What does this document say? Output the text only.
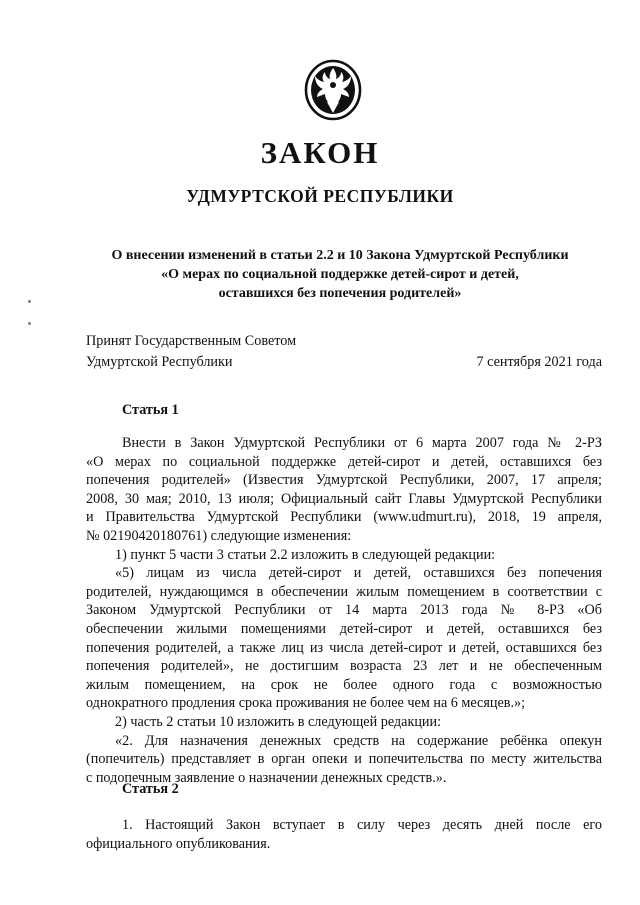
ЗАКОН
УДМУРТСКОЙ РЕСПУБЛИКИ
О внесении изменений в статьи 2.2 и 10 Закона Удмуртской Республики
«О мерах по социальной поддержке детей-сирот и детей,
оставшихся без попечения родителей»
Принят Государственным Советом
Удмуртской Республики	7 сентября 2021 года
Статья 1
Внести в Закон Удмуртской Республики от 6 марта 2007 года № 2-РЗ
«О мерах по социальной поддержке детей-сирот и детей, оставшихся без
попечения родителей» (Известия Удмуртской Республики, 2007, 17 апреля;
2008, 30 мая; 2010, 13 июля; Официальный сайт Главы Удмуртской Республики
и Правительства Удмуртской Республики (www.udmurt.ru), 2018, 19 апреля,
№ 02190420180761) следующие изменения:
1) пункт 5 части 3 статьи 2.2 изложить в следующей редакции:
«5) лицам из числа детей-сирот и детей, оставшихся без попечения
родителей, нуждающимся в обеспечении жилым помещением в соответствии с
Законом Удмуртской Республики от 14 марта 2013 года № 8-РЗ «Об
обеспечении жилыми помещениями детей-сирот и детей, оставшихся без
попечения родителей, а также лиц из числа детей-сирот и детей, оставшихся без
попечения родителей», не достигшим возраста 23 лет и не обеспеченным
жилым помещением, на срок не более одного года с возможностью
однократного продления срока проживания не более чем на 6 месяцев.»;
2) часть 2 статьи 10 изложить в следующей редакции:
«2. Для назначения денежных средств на содержание ребёнка опекун
(попечитель) представляет в орган опеки и попечительства по месту жительства
с подопечным заявление о назначении денежных средств.».
Статья 2
1. Настоящий Закон вступает в силу через десять дней после его
официального опубликования.
